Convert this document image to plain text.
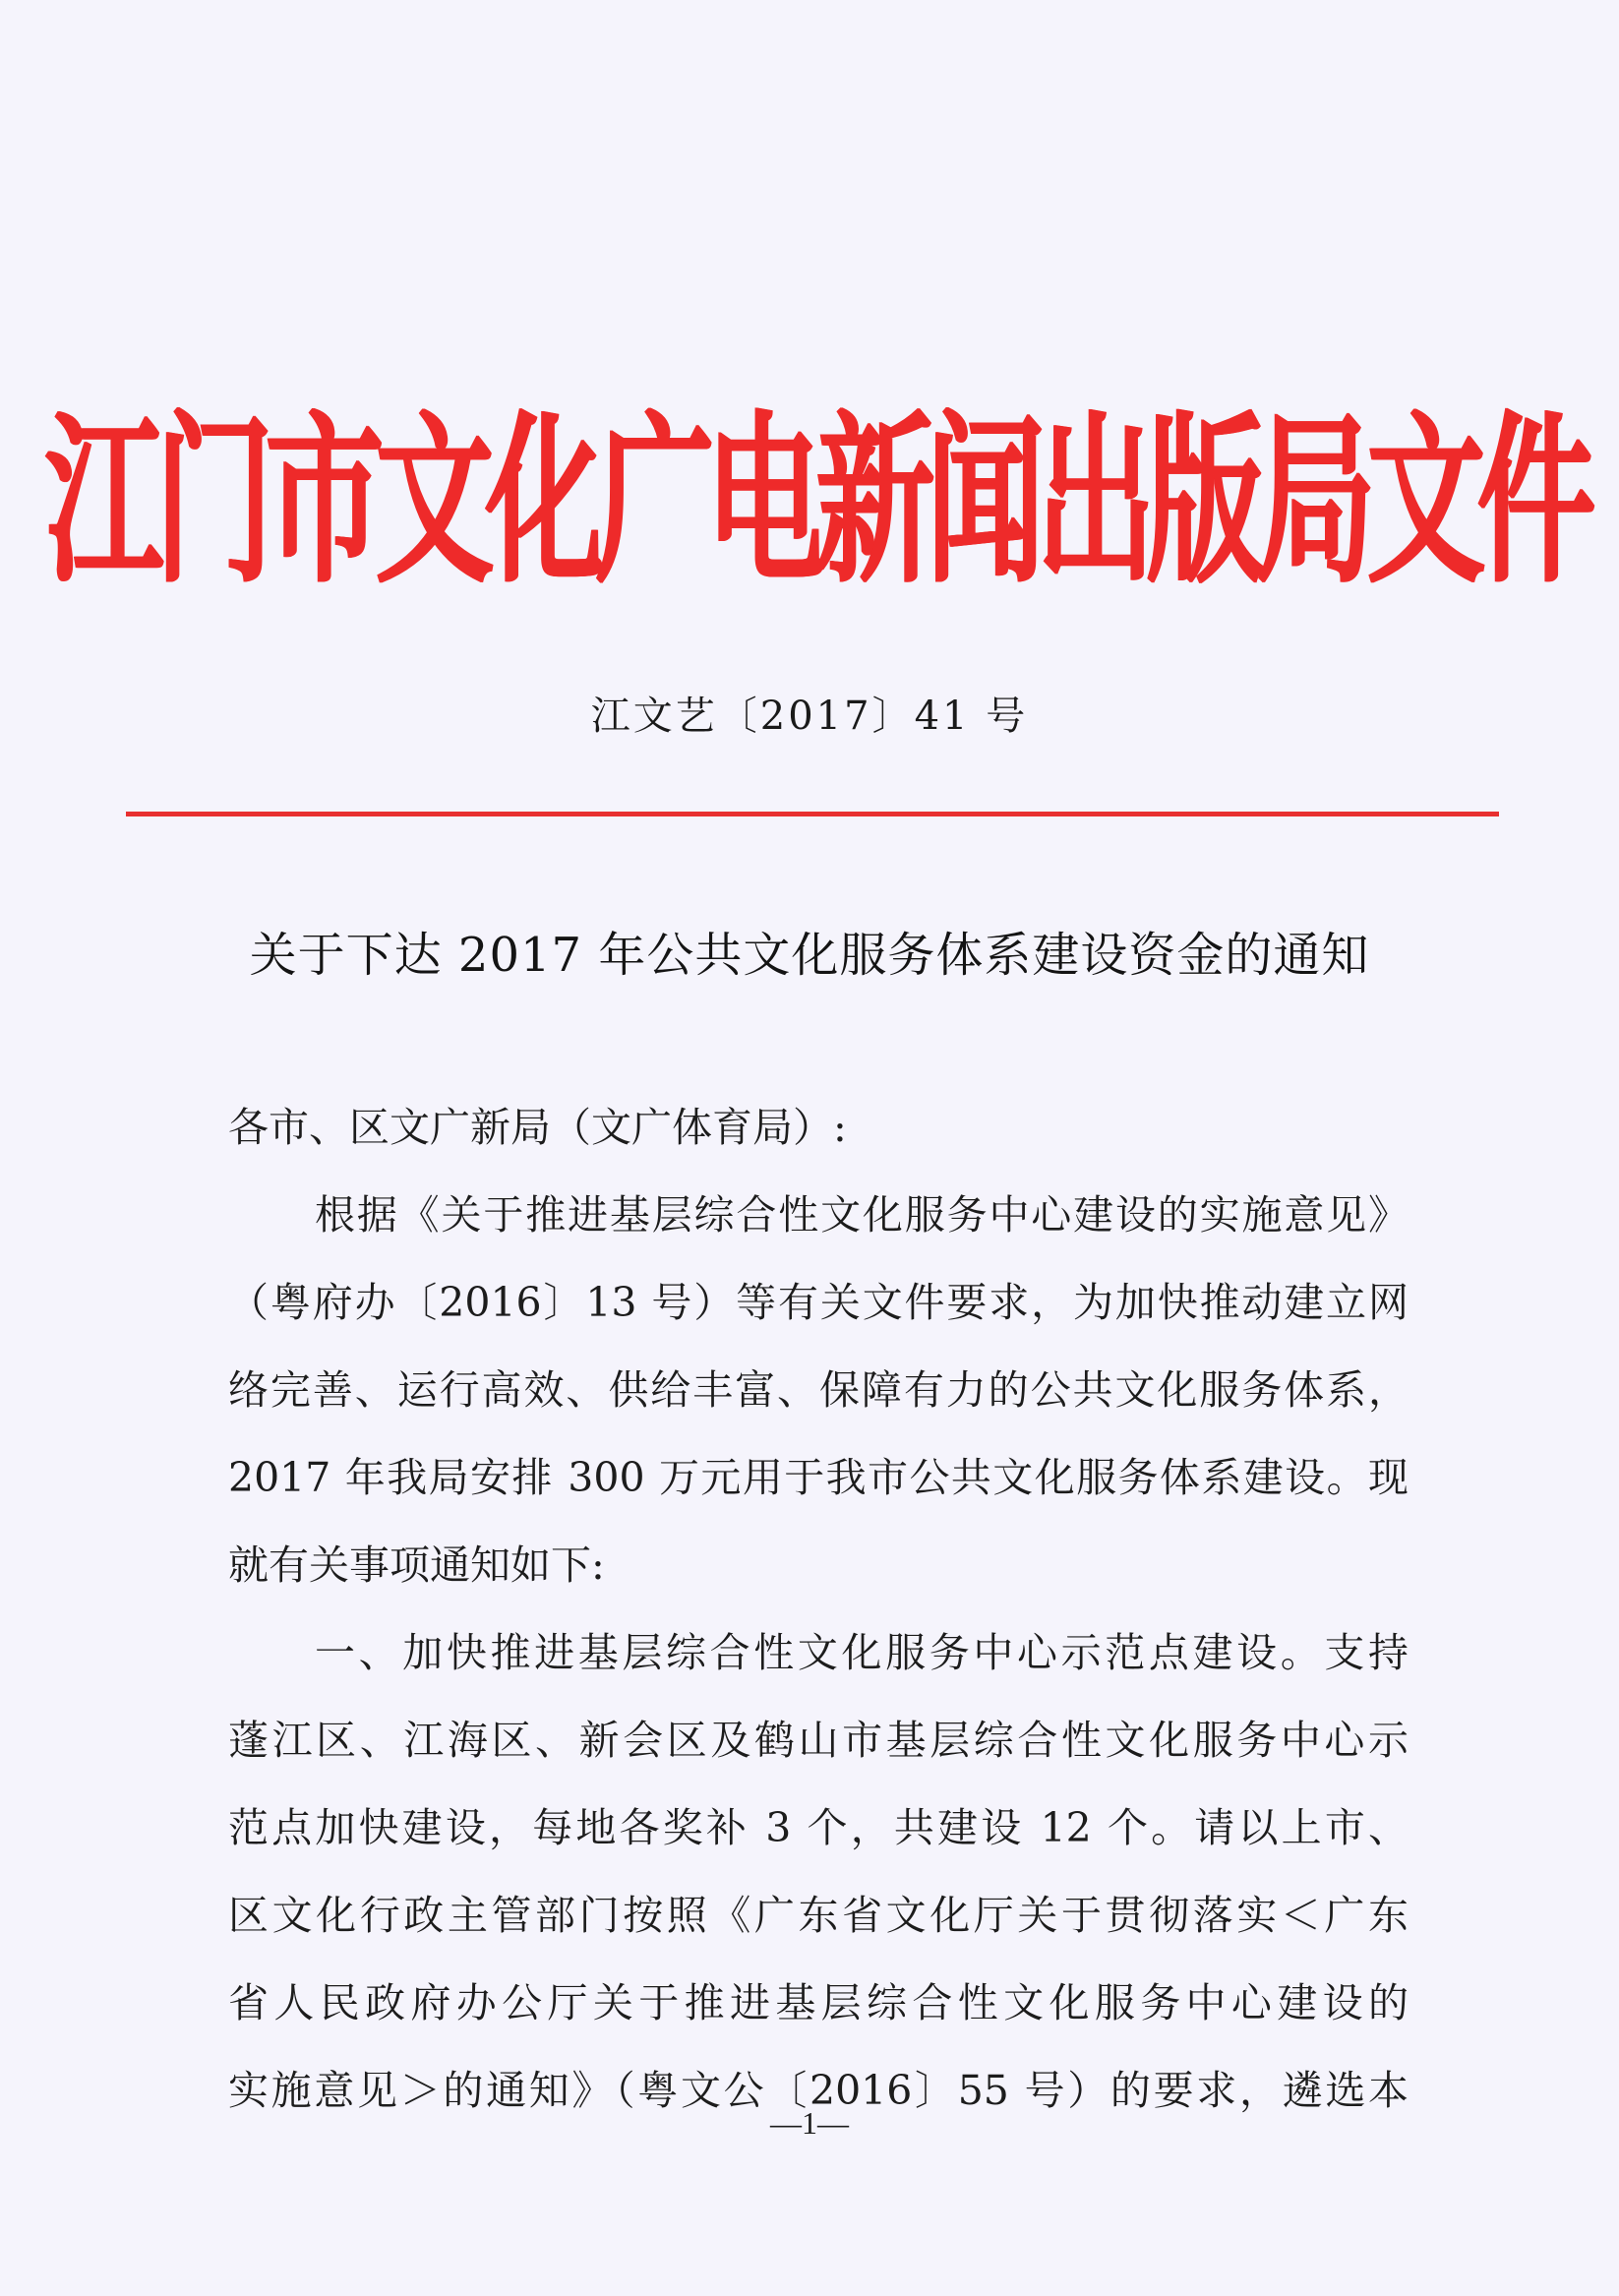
江门市文化广电新闻出版局文件
江文艺〔2017〕41 号
关于下达 2017 年公共文化服务体系建设资金的通知
各市、区文广新局（文广体育局）:
根据《关于推进基层综合性文化服务中心建设的实施意见》
（粤府办〔2016〕13 号）等有关文件要求，为加快推动建立网
络完善、运行高效、供给丰富、保障有力的公共文化服务体系，
2017 年我局安排 300 万元用于我市公共文化服务体系建设。现
就有关事项通知如下:
一、加快推进基层综合性文化服务中心示范点建设。支持
蓬江区、江海区、新会区及鹤山市基层综合性文化服务中心示
范点加快建设，每地各奖补 3 个，共建设 12 个。请以上市、
区文化行政主管部门按照《广东省文化厅关于贯彻落实＜广东
省人民政府办公厅关于推进基层综合性文化服务中心建设的
实施意见＞的通知》（粤文公〔2016〕55 号）的要求，遴选本
—1—
